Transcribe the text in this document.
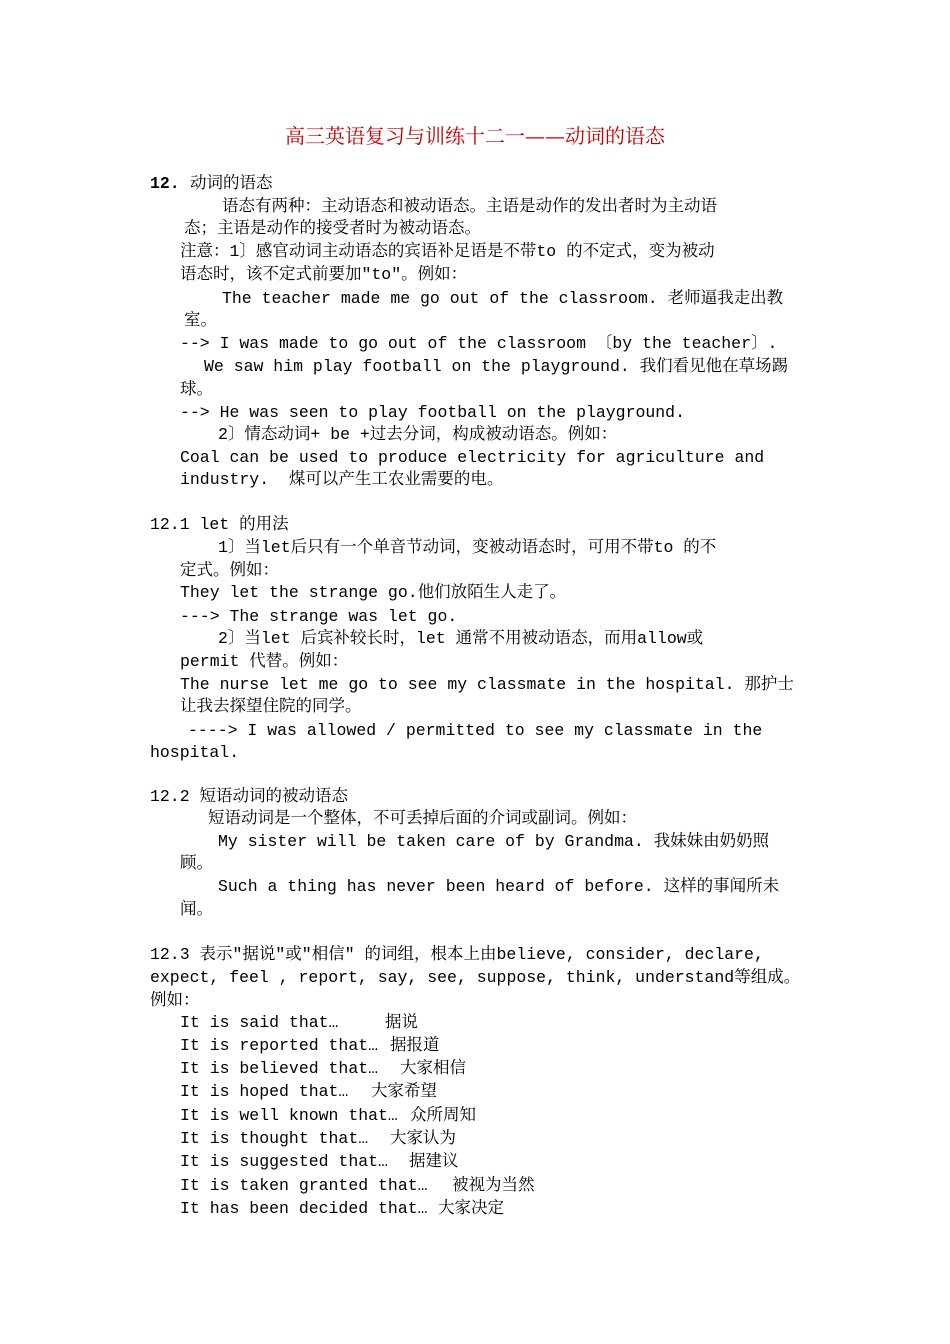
高三英语复习与训练十二一——动词的语态
12. 动词的语态
语态有两种：主动语态和被动语态。主语是动作的发出者时为主动语
态；主语是动作的接受者时为被动语态。
注意：1〕感官动词主动语态的宾语补足语是不带to 的不定式，变为被动
语态时，该不定式前要加"to"。例如：
The teacher made me go out of the classroom. 老师逼我走出教
室。
--> I was made to go out of the classroom 〔by the teacher〕.
We saw him play football on the playground. 我们看见他在草场踢
球。
--> He was seen to play football on the playground.
2〕情态动词+ be +过去分词，构成被动语态。例如：
Coal can be used to produce electricity for agriculture and
industry.  煤可以产生工农业需要的电。
12.1 let 的用法
1〕当let后只有一个单音节动词，变被动语态时，可用不带to 的不
定式。例如：
They let the strange go.他们放陌生人走了。
---> The strange was let go.
2〕当let 后宾补较长时，let 通常不用被动语态，而用allow或
permit 代替。例如：
The nurse let me go to see my classmate in the hospital. 那护士
让我去探望住院的同学。
----> I was allowed / permitted to see my classmate in the
hospital.
12.2 短语动词的被动语态
短语动词是一个整体，不可丢掉后面的介词或副词。例如：
My sister will be taken care of by Grandma. 我妹妹由奶奶照
顾。
Such a thing has never been heard of before. 这样的事闻所未
闻。
12.3 表示"据说"或"相信" 的词组，根本上由believe, consider, declare,
expect, feel , report, say, see, suppose, think, understand等组成。
例如：
It is said that…	据说
It is reported that… 据报道
It is believed that… 大家相信
It is hoped that… 大家希望
It is well known that… 众所周知
It is thought that… 大家认为
It is suggested that… 据建议
It is taken granted that… 被视为当然
It has been decided that… 大家决定
